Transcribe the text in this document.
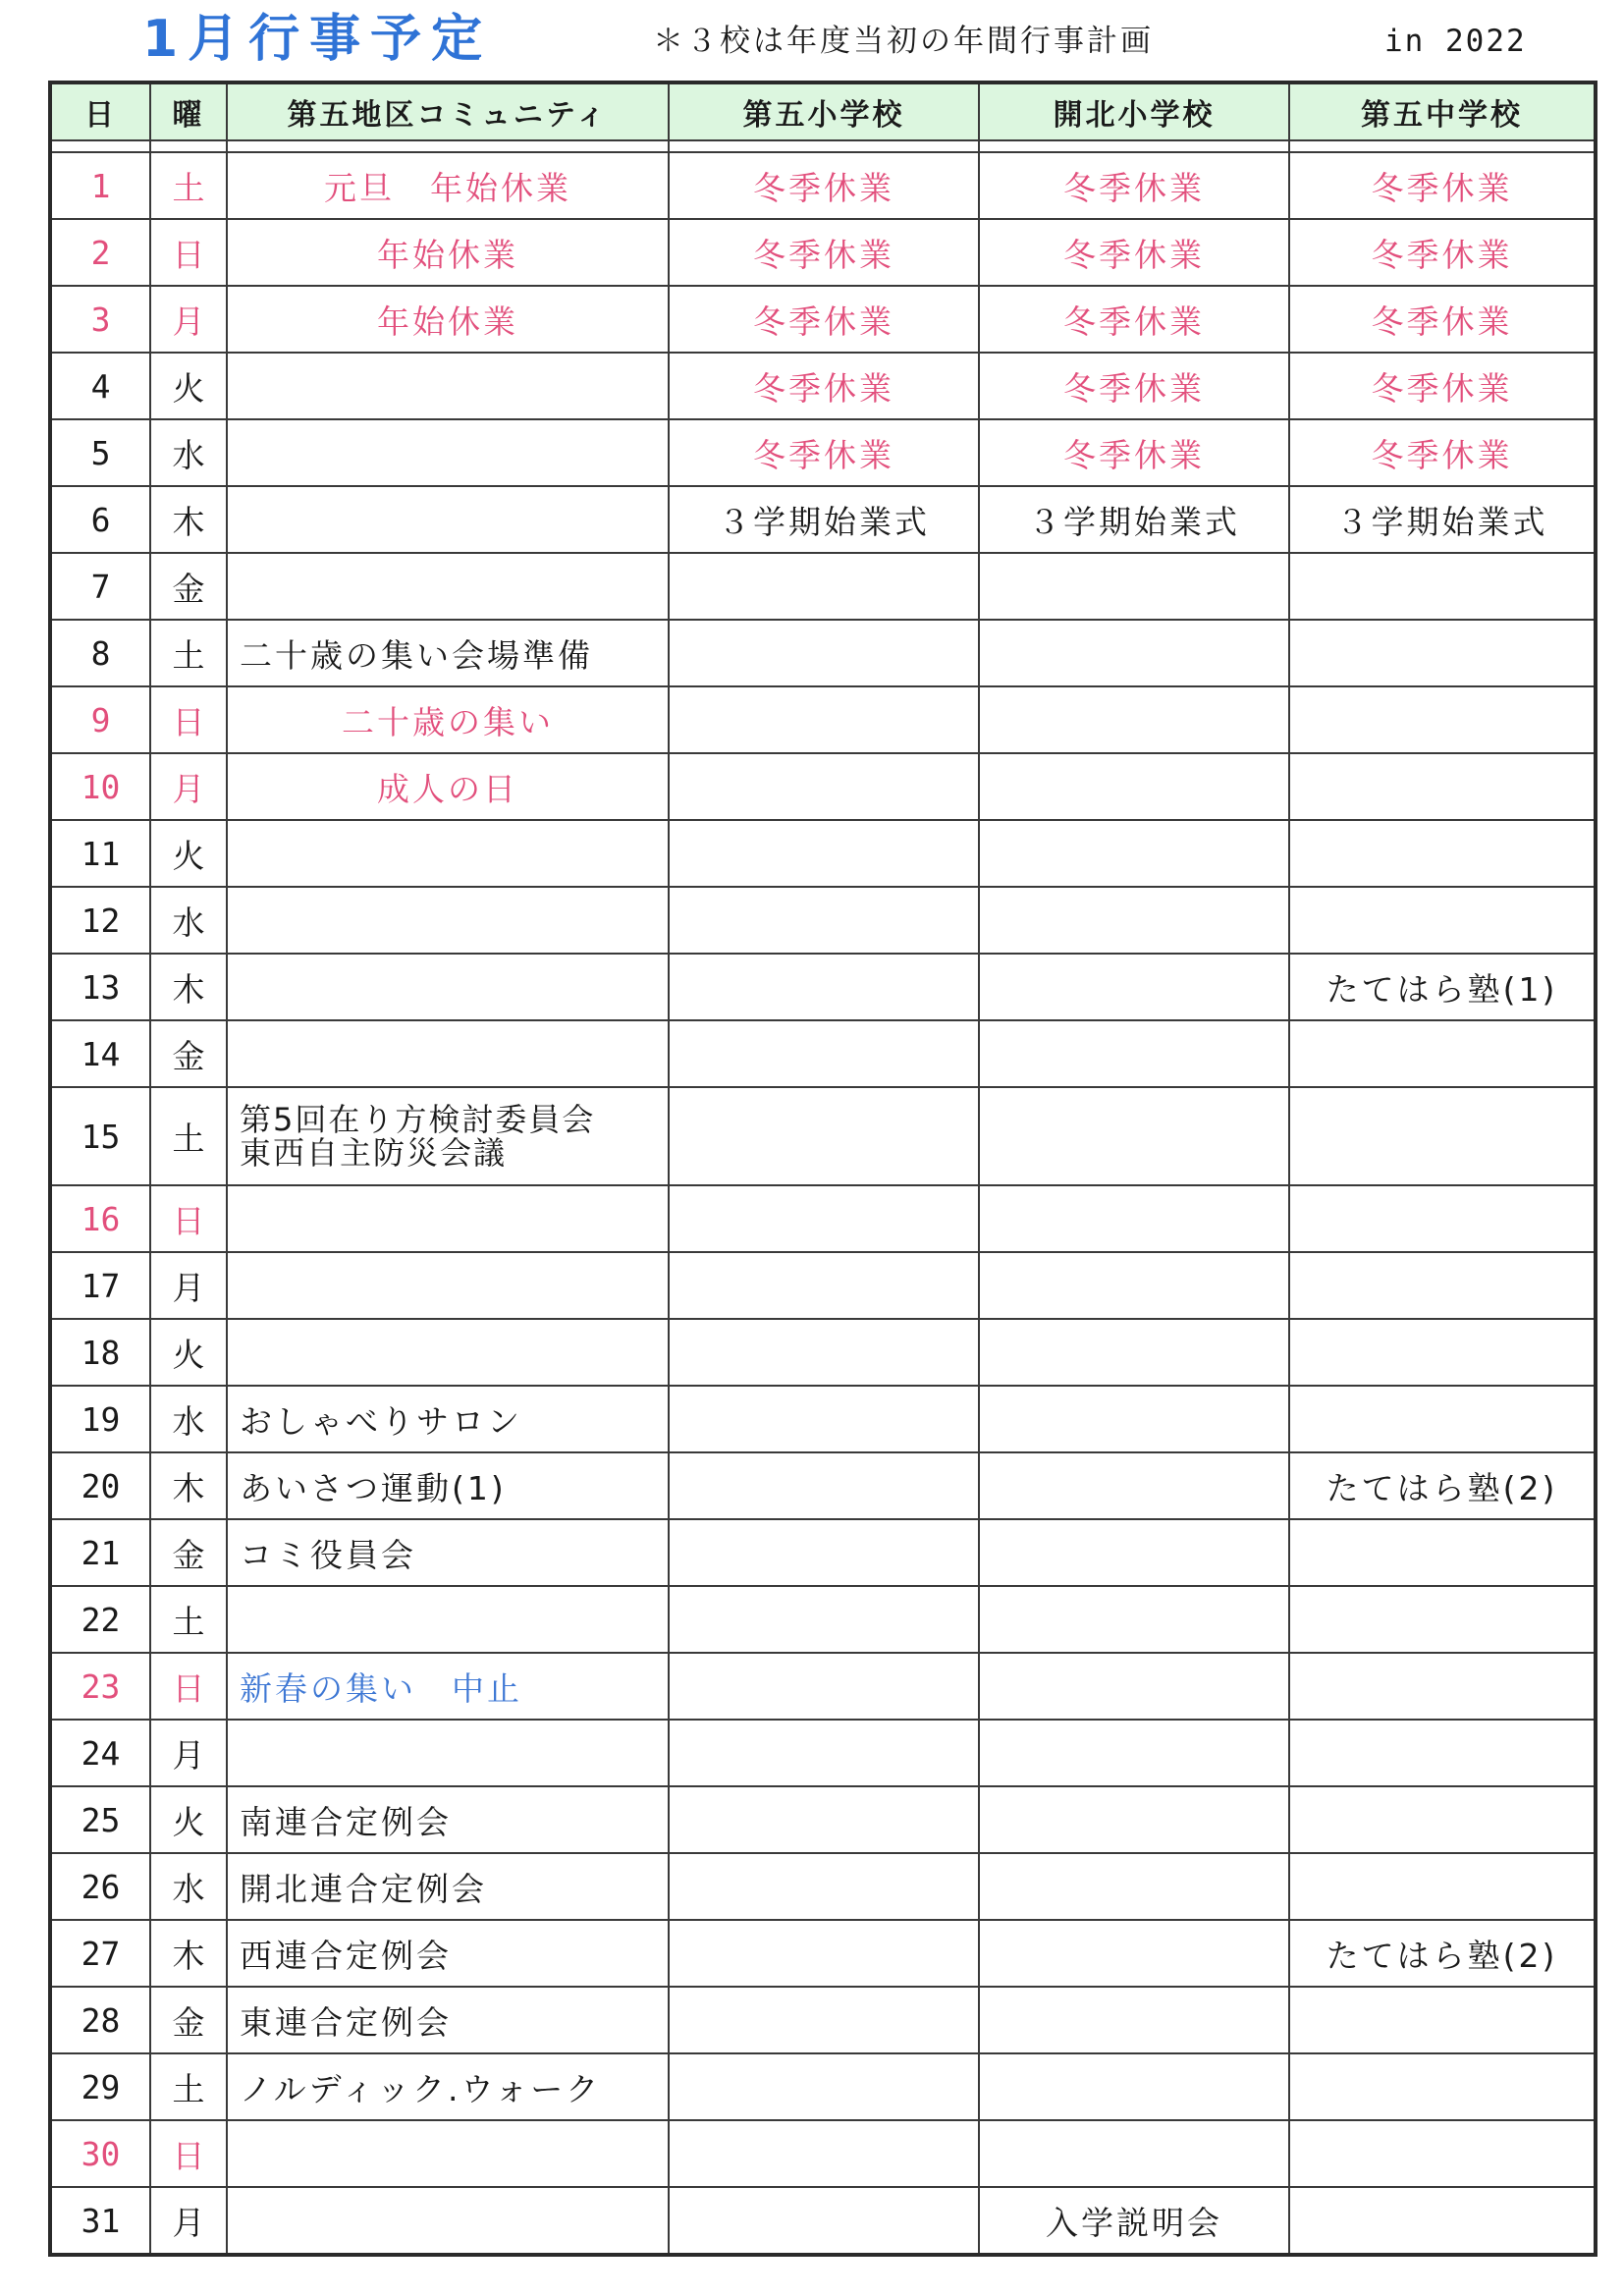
1月行事予定	＊３校は年度当初の年間行事計画	in 2022
日	曜	第五地区コミュニティ	第五小学校	開北小学校	第五中学校

1	土	元旦　年始休業	冬季休業	冬季休業	冬季休業
2	日	年始休業	冬季休業	冬季休業	冬季休業
3	月	年始休業	冬季休業	冬季休業	冬季休業
4	火		冬季休業	冬季休業	冬季休業
5	水		冬季休業	冬季休業	冬季休業
6	木		３学期始業式	３学期始業式	３学期始業式
7	金				
8	土	二十歳の集い会場準備			
9	日	二十歳の集い			
10	月	成人の日			
11	火				
12	水				
13	木				たてはら塾(1)
14	金				
15	土	第5回在り方検討委員会
東西自主防災会議			

16	日				
17	月				
18	火				
19	水	おしゃべりサロン			
20	木	あいさつ運動(1)			たてはら塾(2)
21	金	コミ役員会			
22	土				
23	日	新春の集い　中止			
24	月				
25	火	南連合定例会			
26	水	開北連合定例会			
27	木	西連合定例会			たてはら塾(2)
28	金	東連合定例会			
29	土	ノルディック.ウォーク			
30	日				
31	月			入学説明会	
